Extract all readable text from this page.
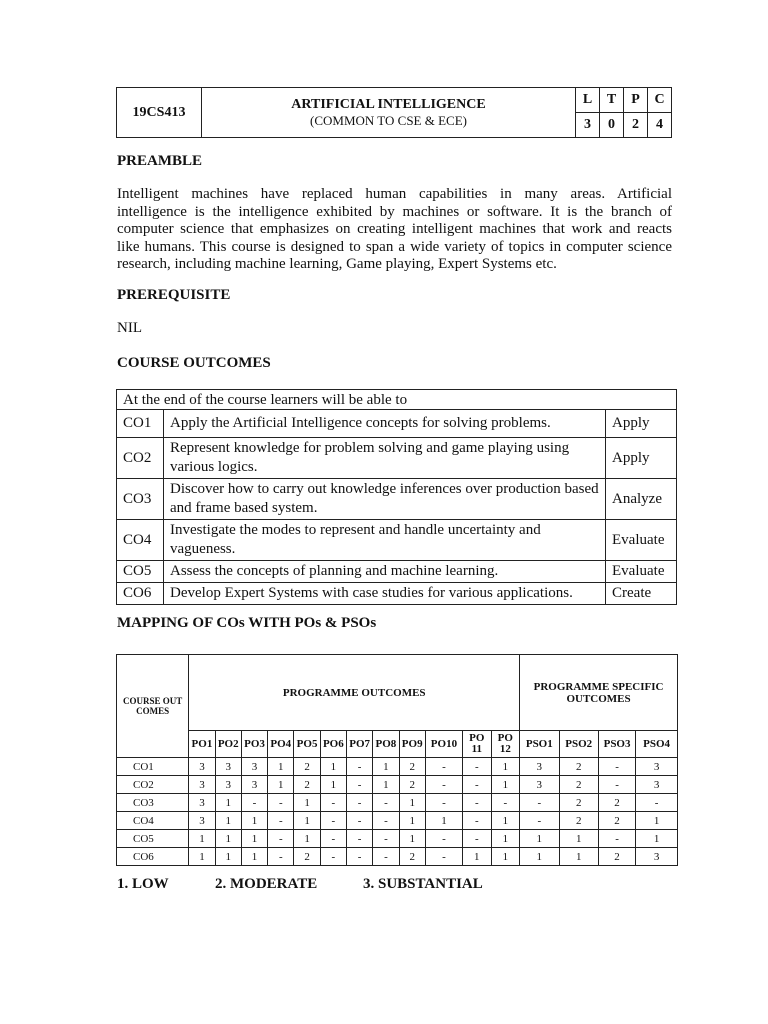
19CS413	ARTIFICIAL INTELLIGENCE
(COMMON TO CSE & ECE)	L	T	P	C
		3	0	2	4
PREAMBLE
Intelligent machines have replaced human capabilities in many areas. Artificial
intelligence is the intelligence exhibited by machines or software. It is the branch of
computer science that emphasizes on creating intelligent machines that work and reacts
like humans. This course is designed to span a wide variety of topics in computer science
research, including machine learning, Game playing, Expert Systems etc.
PREREQUISITE
NIL
COURSE OUTCOMES
At the end of the course learners will be able to		
CO1	Apply the Artificial Intelligence concepts for solving problems.	Apply
CO2	Represent knowledge for problem solving and game playing using various logics.	Apply
CO3	Discover how to carry out knowledge inferences over production based and frame based system.	Analyze
CO4	Investigate the modes to represent and handle uncertainty and vagueness.	Evaluate
CO5	Assess the concepts of planning and machine learning.	Evaluate
CO6	Develop Expert Systems with case studies for various applications.	Create
MAPPING OF COs WITH POs & PSOs
COURSE OUT COMES	PROGRAMME OUTCOMES												PROGRAMME SPECIFIC OUTCOMES			
	PO1	PO2	PO3	PO4	PO5	PO6	PO7	PO8	PO9	PO10	PO 11	PO 12	PSO1	PSO2	PSO3	PSO4
CO1	3	3	3	1	2	1	-	1	2	-	-	1	3	2	-	3
CO2	3	3	3	1	2	1	-	1	2	-	-	1	3	2	-	3
CO3	3	1	-	-	1	-	-	-	1	-	-	-	-	2	2	-
CO4	3	1	1	-	1	-	-	-	1	1	-	1	-	2	2	1
CO5	1	1	1	-	1	-	-	-	1	-	-	1	1	1	-	1
CO6	1	1	1	-	2	-	-	-	2	-	1	1	1	1	2	3
1. LOW	2. MODERATE	3. SUBSTANTIAL
